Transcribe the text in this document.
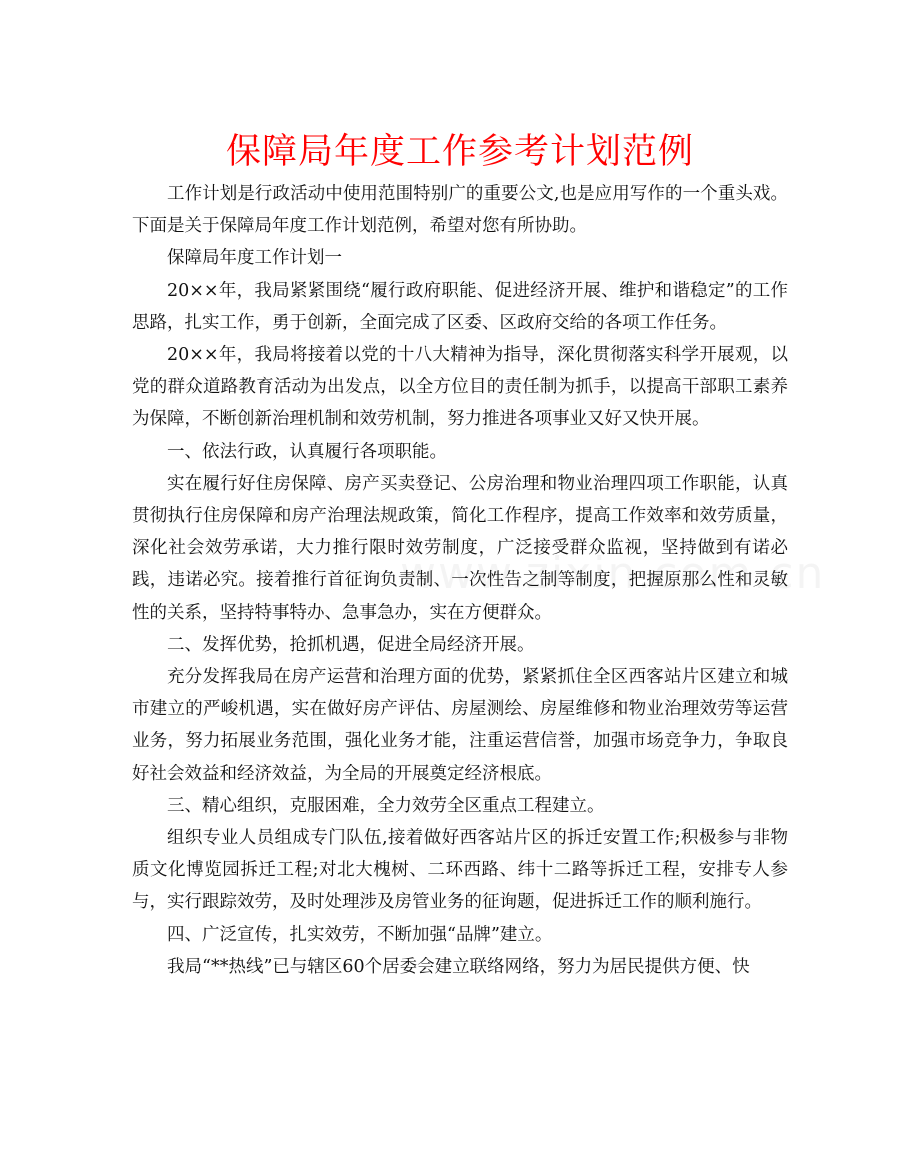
保障局年度工作参考计划范例

工作计划是行政活动中使用范围特别广的重要公文,也是应用写作的一个重头戏。下面是关于保障局年度工作计划范例，希望对您有所协助。

保障局年度工作计划一

20××年，我局紧紧围绕“履行政府职能、促进经济开展、维护和谐稳定”的工作思路，扎实工作，勇于创新，全面完成了区委、区政府交给的各项工作任务。

20××年，我局将接着以党的十八大精神为指导，深化贯彻落实科学开展观，以党的群众道路教育活动为出发点，以全方位目的责任制为抓手，以提高干部职工素养为保障，不断创新治理机制和效劳机制，努力推进各项事业又好又快开展。

一、依法行政，认真履行各项职能。

实在履行好住房保障、房产买卖登记、公房治理和物业治理四项工作职能，认真贯彻执行住房保障和房产治理法规政策，简化工作程序，提高工作效率和效劳质量，深化社会效劳承诺，大力推行限时效劳制度，广泛接受群众监视，坚持做到有诺必践，违诺必究。接着推行首征询负责制、一次性告之制等制度，把握原那么性和灵敏性的关系，坚持特事特办、急事急办，实在方便群众。

二、发挥优势，抢抓机遇，促进全局经济开展。

充分发挥我局在房产运营和治理方面的优势，紧紧抓住全区西客站片区建立和城市建立的严峻机遇，实在做好房产评估、房屋测绘、房屋维修和物业治理效劳等运营业务，努力拓展业务范围，强化业务才能，注重运营信誉，加强市场竞争力，争取良好社会效益和经济效益，为全局的开展奠定经济根底。

三、精心组织，克服困难，全力效劳全区重点工程建立。

组织专业人员组成专门队伍,接着做好西客站片区的拆迁安置工作;积极参与非物质文化博览园拆迁工程;对北大槐树、二环西路、纬十二路等拆迁工程，安排专人参与，实行跟踪效劳，及时处理涉及房管业务的征询题，促进拆迁工作的顺利施行。

四、广泛宣传，扎实效劳，不断加强“品牌”建立。

我局“**热线”已与辖区60个居委会建立联络网络，努力为居民提供方便、快
